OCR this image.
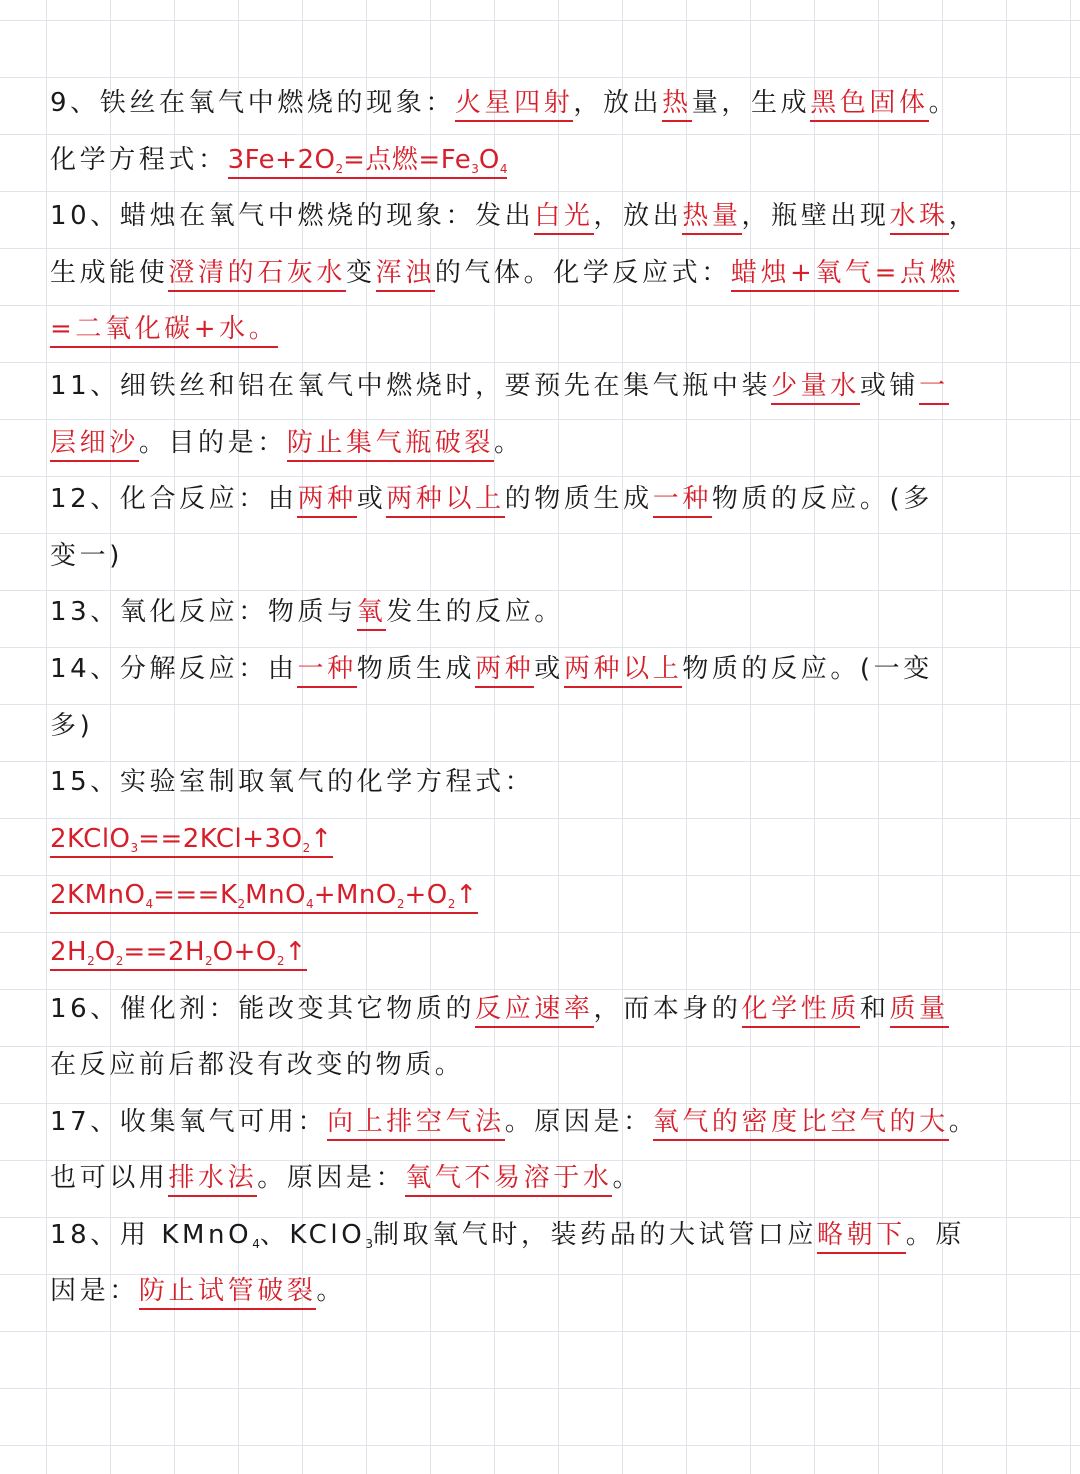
9、铁丝在氧气中燃烧的现象：火星四射，放出热量，生成黑色固体。
化学方程式：$3Fe+2O_2=$点燃$=Fe_3O_4$
10、蜡烛在氧气中燃烧的现象：发出白光，放出热量，瓶壁出现水珠，
生成能使澄清的石灰水变浑浊的气体。化学反应式：蜡烛+氧气=点燃
=二氧化碳+水。
11、细铁丝和铝在氧气中燃烧时，要预先在集气瓶中装少量水或铺一
层细沙。目的是：防止集气瓶破裂。
12、化合反应：由两种或两种以上的物质生成一种物质的反应。(多
变一)
13、氧化反应：物质与氧发生的反应。
14、分解反应：由一种物质生成两种或两种以上物质的反应。(一变
多)
15、实验室制取氧气的化学方程式：
$2KClO_3==2KCl+3O_2↑$
$2KMnO_4===K_2MnO_4+MnO_2+O_2↑$
$2H_2O_2==2H_2O+O_2↑$
16、催化剂：能改变其它物质的反应速率，而本身的化学性质和质量
在反应前后都没有改变的物质。
17、收集氧气可用：向上排空气法。原因是：氧气的密度比空气的大。
也可以用排水法。原因是：氧气不易溶于水。
18、用 KMnO$_4$、KClO$_3$制取氧气时，装药品的大试管口应略朝下。原
因是：防止试管破裂。
